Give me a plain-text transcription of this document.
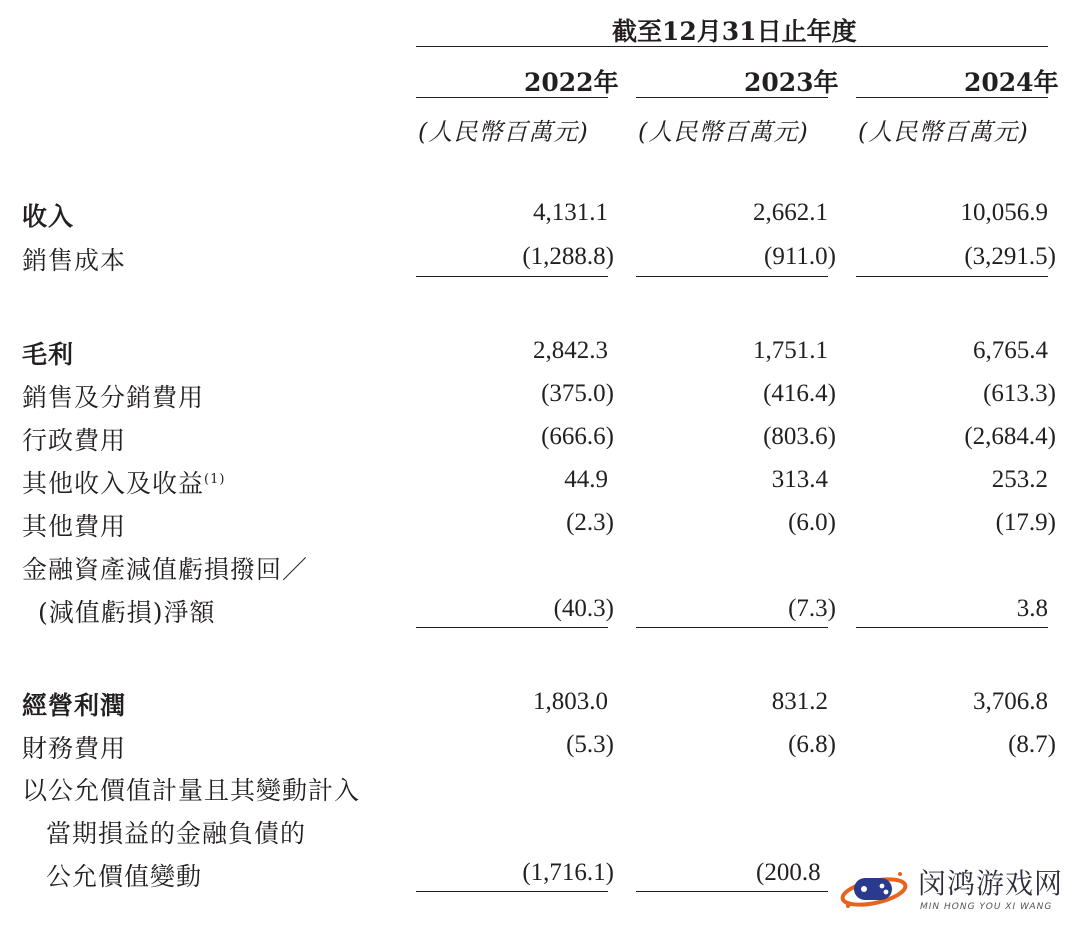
截至12月31日止年度
2022年	2023年	2024年
(人民幣百萬元) (人民幣百萬元) (人民幣百萬元)
收入	4,131.1	2,662.1	10,056.9
銷售成本	(1,288.8)	(911.0)	(3,291.5)
毛利	2,842.3	1,751.1	6,765.4
銷售及分銷費用	(375.0)	(416.4)	(613.3)
行政費用	(666.6)	(803.6)	(2,684.4)
其他收入及收益$^{(1)}$	44.9	313.4	253.2
其他費用	(2.3)	(6.0)	(17.9)
金融資產減值虧損撥回／
(減值虧損)淨額	(40.3)	(7.3)	3.8
經營利潤	1,803.0	831.2	3,706.8
財務費用	(5.3)	(6.8)	(8.7)
以公允價值計量且其變動計入
當期損益的金融負債的
公允價值變動	(1,716.1)	(200.8	闵鸿游戏网
MIN HONG YOU XI WANG
